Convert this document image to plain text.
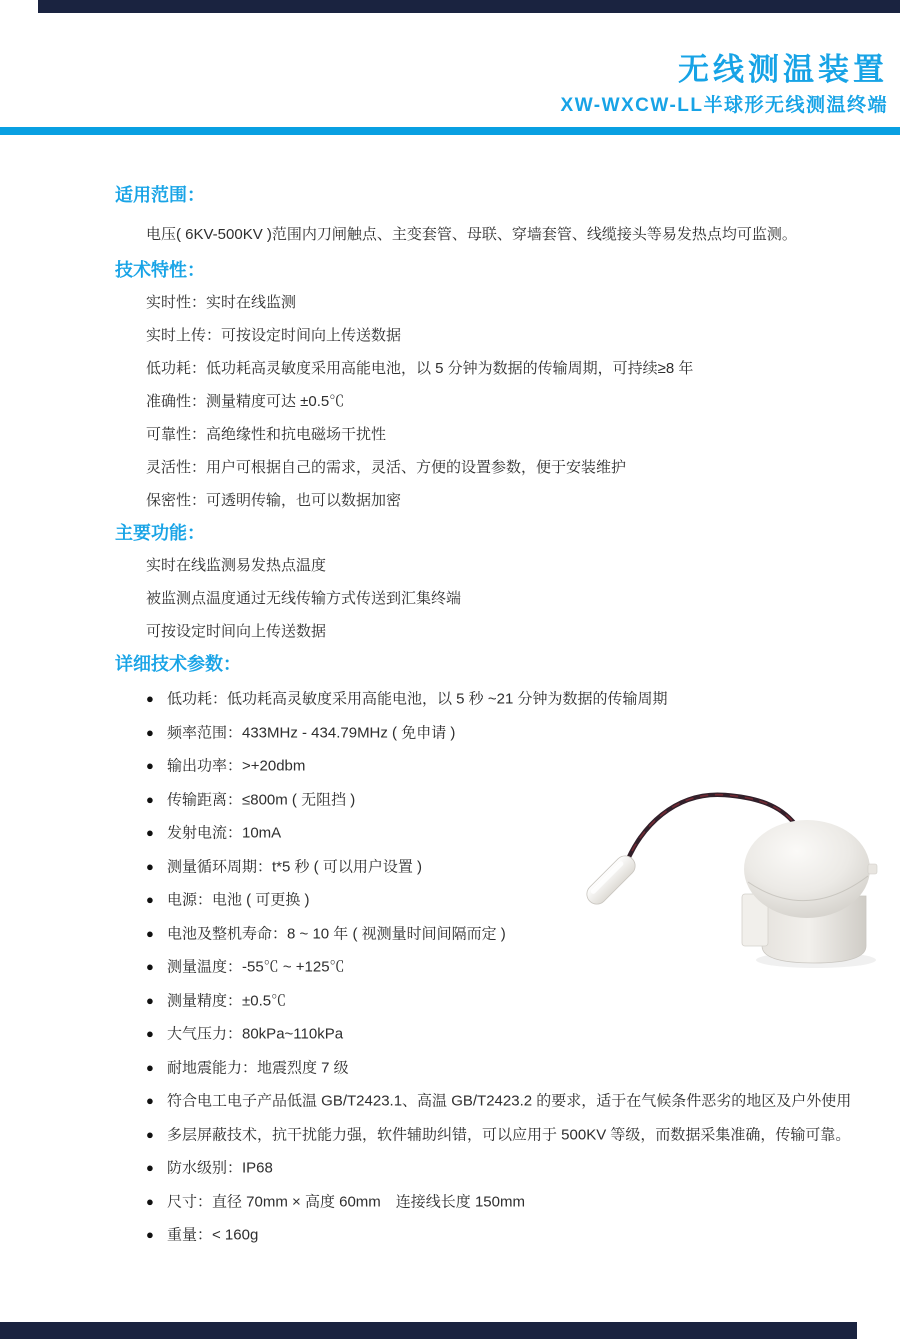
无线测温装置
XW-WXCW-LL半球形无线测温终端
适用范围：
电压( 6KV-500KV )范围内刀闸触点、主变套管、母联、穿墙套管、线缆接头等易发热点均可监测。
技术特性：
实时性：实时在线监测
实时上传：可按设定时间向上传送数据
低功耗：低功耗高灵敏度采用高能电池，以 5 分钟为数据的传输周期，可持续≥8 年
准确性：测量精度可达 ±0.5℃
可靠性：高绝缘性和抗电磁场干扰性
灵活性：用户可根据自己的需求，灵活、方便的设置参数，便于安装维护
保密性：可透明传输，也可以数据加密
主要功能：
实时在线监测易发热点温度
被监测点温度通过无线传输方式传送到汇集终端
可按设定时间向上传送数据
详细技术参数：
● 低功耗：低功耗高灵敏度采用高能电池，以 5 秒 ~21 分钟为数据的传输周期
● 频率范围：433MHz - 434.79MHz ( 免申请 )
● 输出功率：>+20dbm
● 传输距离：≤800m ( 无阻挡 )
● 发射电流：10mA
● 测量循环周期：t*5 秒 ( 可以用户设置 )
● 电源：电池 ( 可更换 )
● 电池及整机寿命：8 ~ 10 年 ( 视测量时间间隔而定 )
● 测量温度：-55℃ ~ +125℃
● 测量精度：±0.5℃
● 大气压力：80kPa~110kPa
● 耐地震能力：地震烈度 7 级
● 符合电工电子产品低温 GB/T2423.1、高温 GB/T2423.2 的要求，适于在气候条件恶劣的地区及户外使用
● 多层屏蔽技术，抗干扰能力强，软件辅助纠错，可以应用于 500KV 等级，而数据采集准确，传输可靠。
● 防水级别：IP68
● 尺寸：直径 70mm × 高度 60mm　连接线长度 150mm
● 重量：< 160g
